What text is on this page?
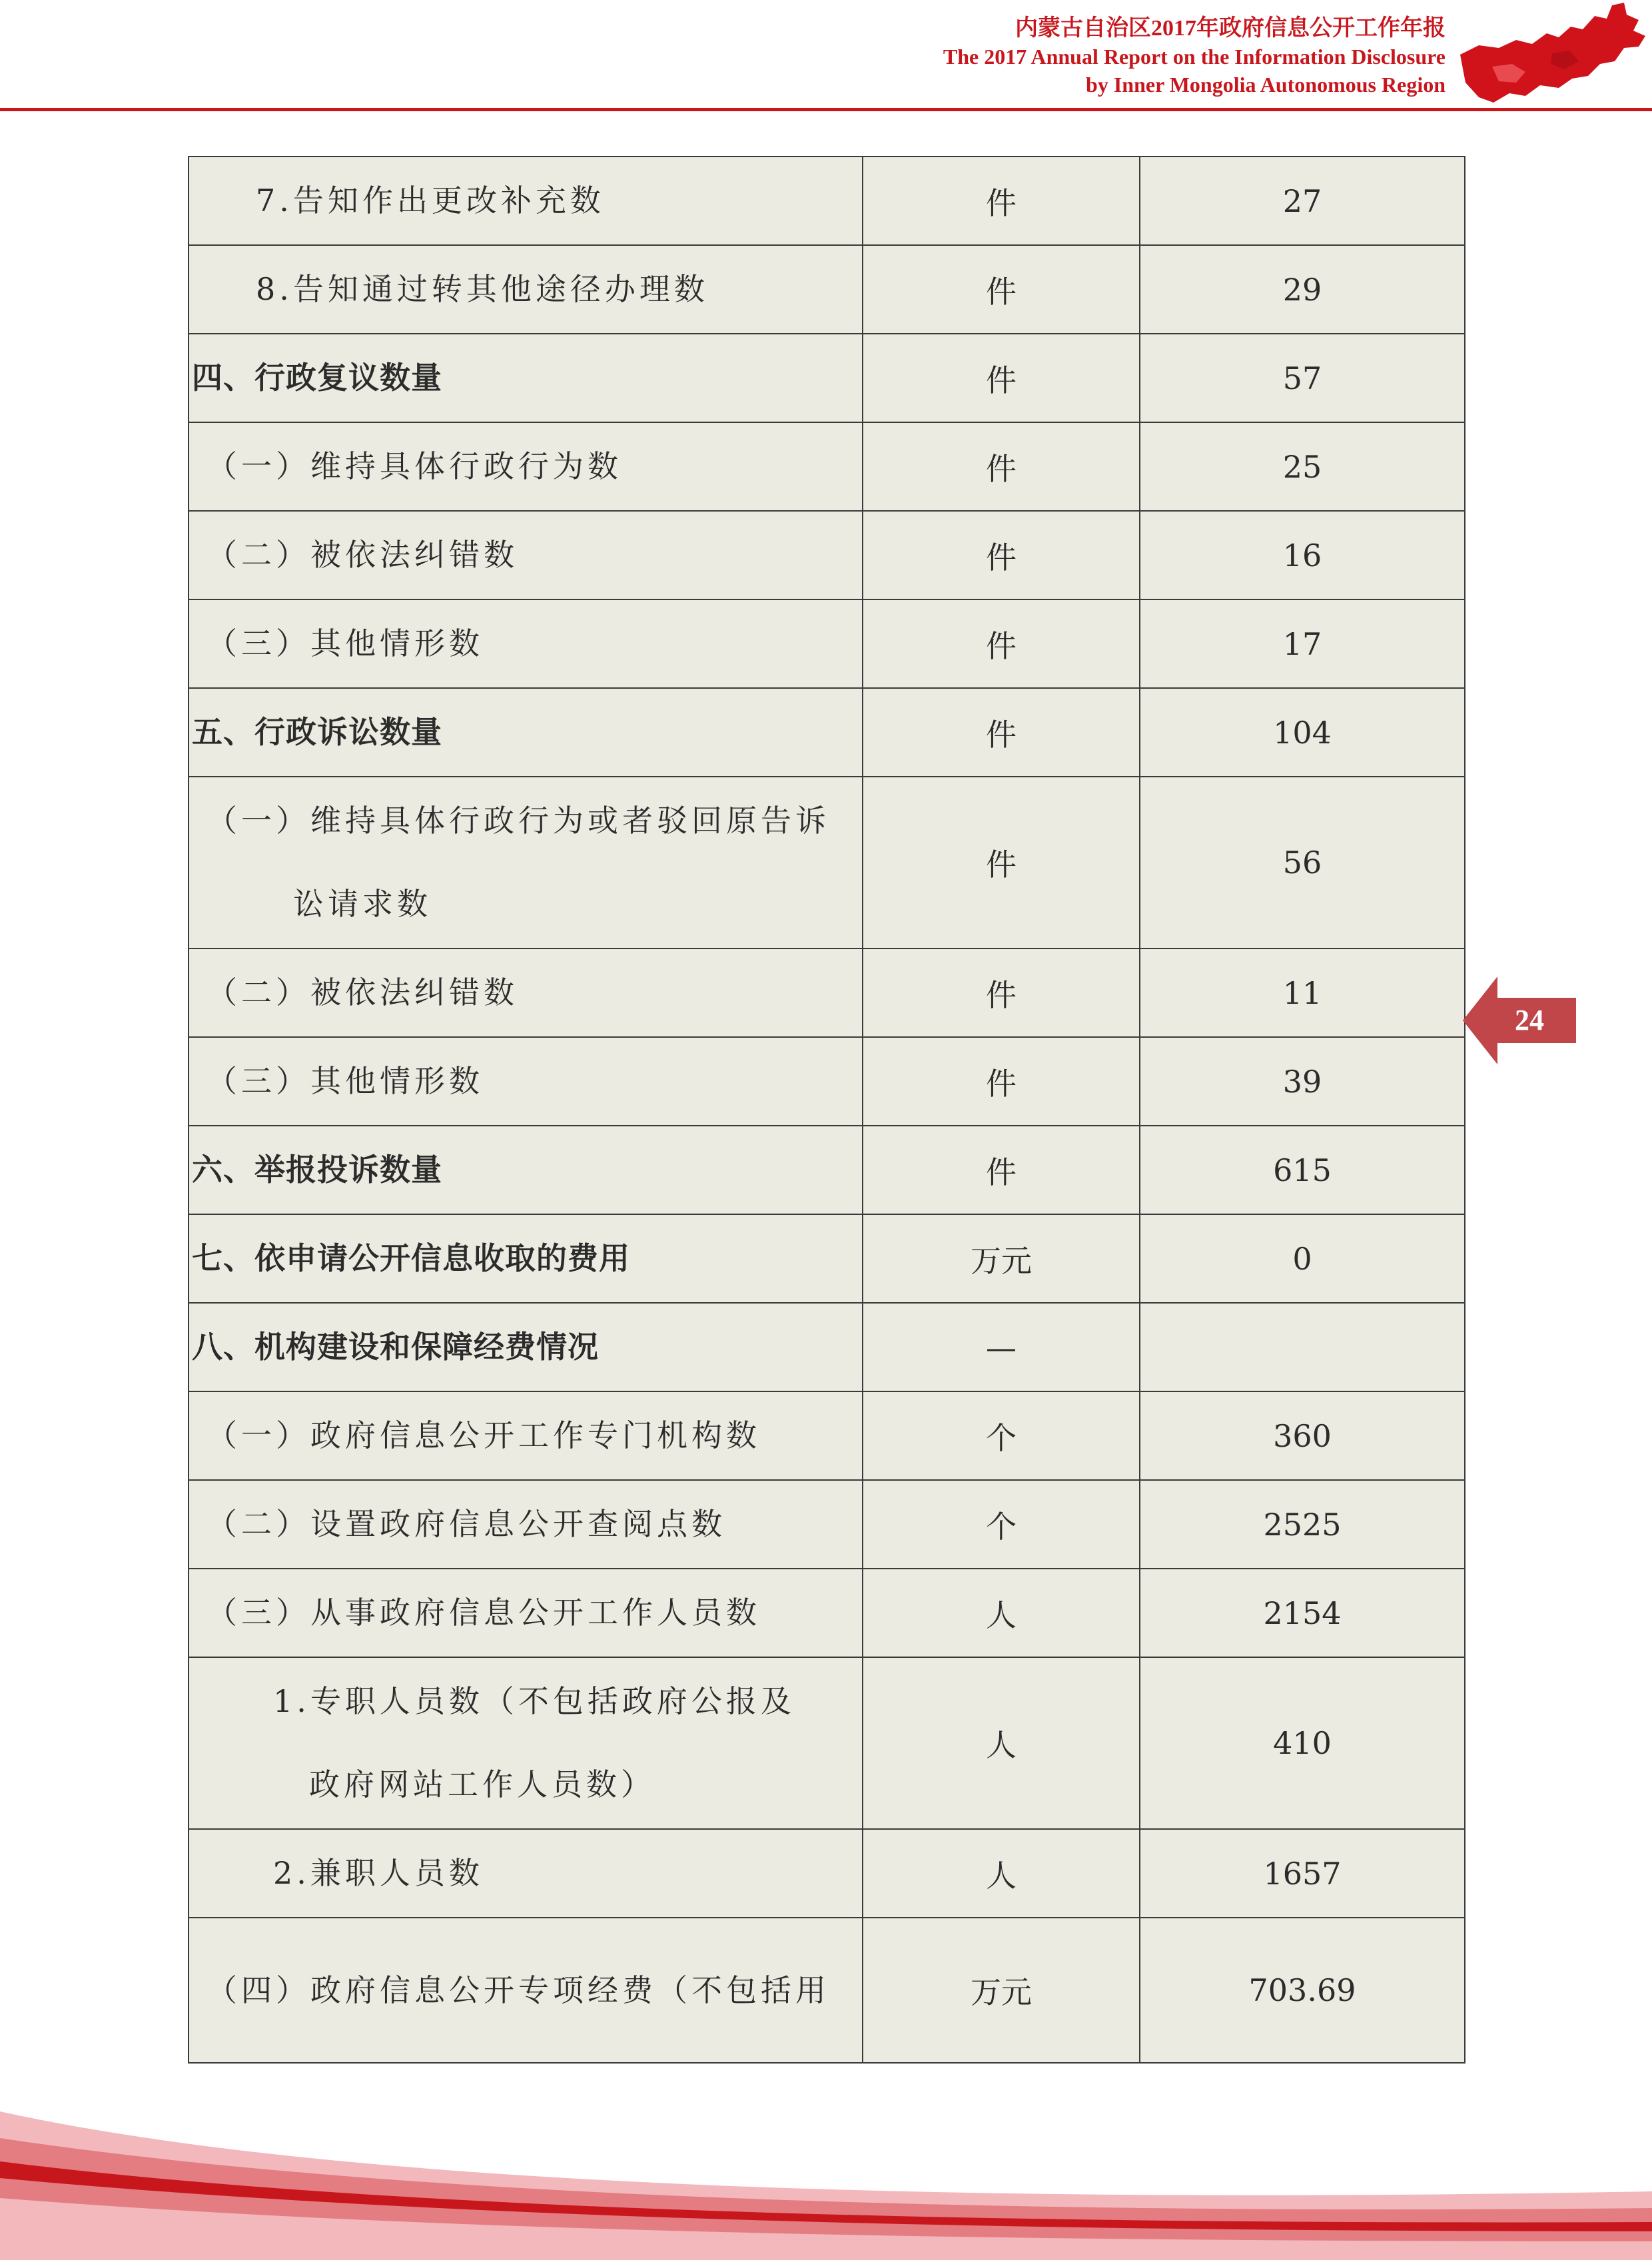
内蒙古自治区2017年政府信息公开工作年报
The 2017 Annual Report on the Information Disclosure
by Inner Mongolia Autonomous Region
7.告知作出更改补充数	件	27
8.告知通过转其他途径办理数	件	29
四、行政复议数量	件	57
（一）维持具体行政行为数	件	25
（二）被依法纠错数	件	16
（三）其他情形数	件	17
五、行政诉讼数量	件	104
（一）维持具体行政行为或者驳回原告诉
讼请求数	件	56
（二）被依法纠错数	件	11
（三）其他情形数	件	39
六、举报投诉数量	件	615
七、依申请公开信息收取的费用	万元	0
八、机构建设和保障经费情况	—	
（一）政府信息公开工作专门机构数	个	360
（二）设置政府信息公开查阅点数	个	2525
（三）从事政府信息公开工作人员数	人	2154
1.专职人员数（不包括政府公报及
政府网站工作人员数）	人	410
2.兼职人员数	人	1657
（四）政府信息公开专项经费（不包括用	万元	703.69
24
